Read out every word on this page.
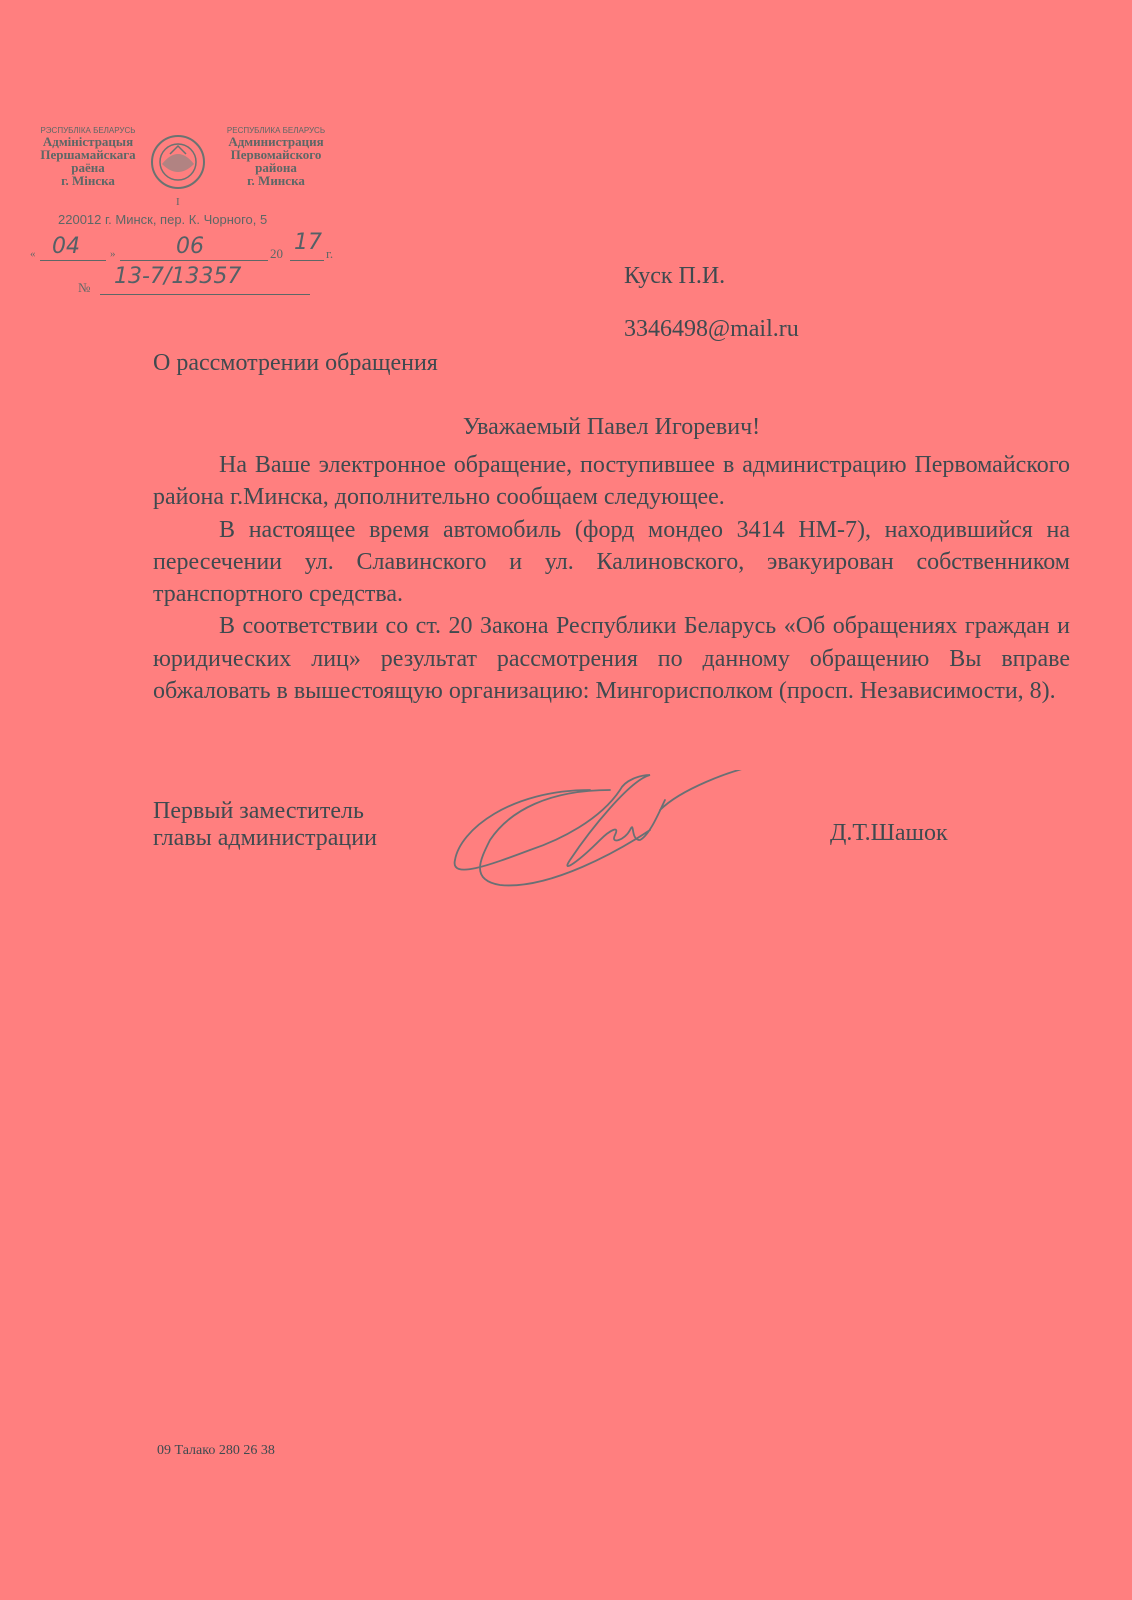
РЭСПУБЛІКА БЕЛАРУСЬ
Адміністрацыя
Першамайскага
раёна
г. Мінска
I
РЕСПУБЛИКА БЕЛАРУСЬ
Администрация
Первомайского
района
г. Минска
220012 г. Минск, пер. К. Чорного, 5
« 04	»	06	20 17 г.
№ 13-7/13357	Куск П.И.
3346498@mail.ru
О рассмотрении обращения
Уважаемый Павел Игоревич!

На Ваше электронное обращение, поступившее в администрацию Первомайского района г.Минска, дополнительно сообщаем следующее.

В настоящее время автомобиль (форд мондео 3414 НМ-7), находившийся на пересечении ул. Славинского и ул. Калиновского, эвакуирован собственником транспортного средства.

В соответствии со ст. 20 Закона Республики Беларусь «Об обращениях граждан и юридических лиц» результат рассмотрения по данному обращению Вы вправе обжаловать в вышестоящую организацию: Мингорисполком (просп. Независимости, 8).

Первый заместитель
главы администрации	Д.Т.Шашок
09 Талако 280 26 38
